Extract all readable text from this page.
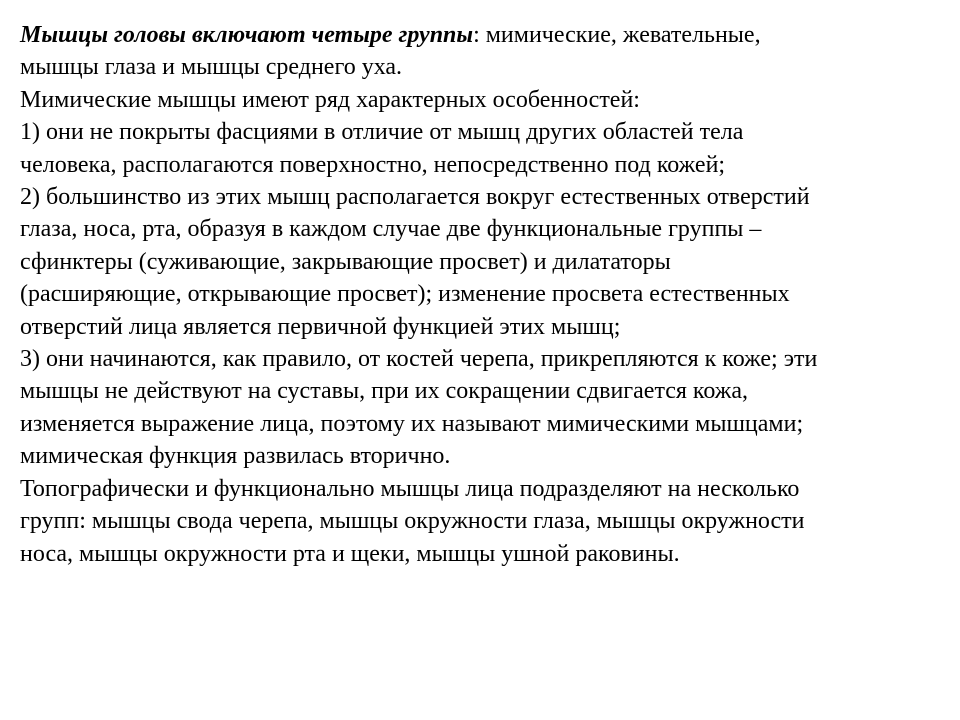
Мышцы головы включают четыре группы: мимические, жевательные,
мышцы глаза и мышцы среднего уха.
Мимические мышцы имеют ряд характерных особенностей:
1) они не покрыты фасциями в отличие от мышц других областей тела
человека, располагаются поверхностно, непосредственно под кожей;
2) большинство из этих мышц располагается вокруг естественных отверстий
глаза, носа, рта, образуя в каждом случае две функциональные группы –
сфинктеры (суживающие, закрывающие просвет) и дилататоры
(расширяющие, открывающие просвет); изменение просвета естественных
отверстий лица является первичной функцией этих мышц;
3) они начинаются, как правило, от костей черепа, прикрепляются к коже; эти
мышцы не действуют на суставы, при их сокращении сдвигается кожа,
изменяется выражение лица, поэтому их называют мимическими мышцами;
мимическая функция развилась вторично.
Топографически и функционально мышцы лица подразделяют на несколько
групп: мышцы свода черепа, мышцы окружности глаза, мышцы окружности
носа, мышцы окружности рта и щеки, мышцы ушной раковины.
